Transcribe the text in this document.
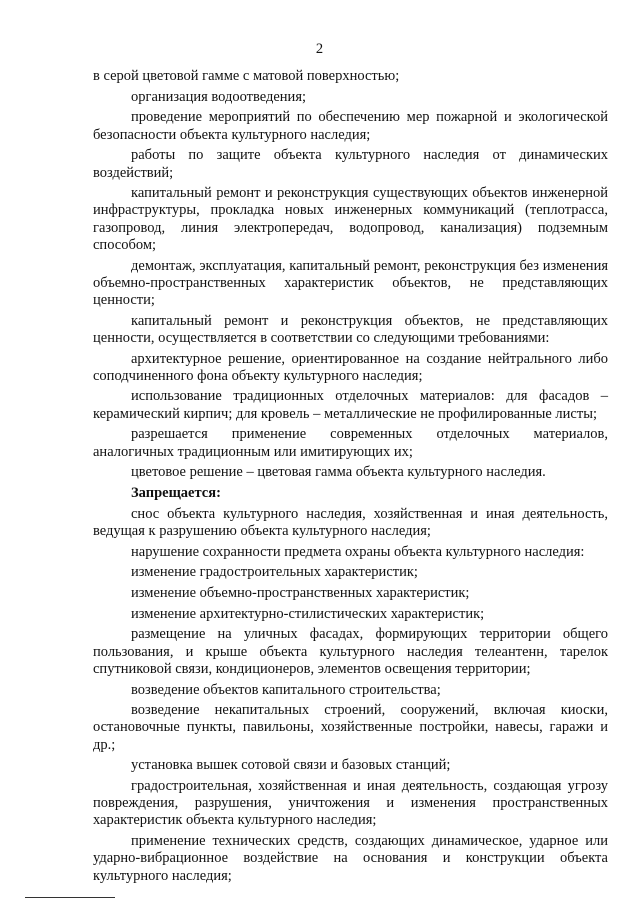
2

в серой цветовой гамме с матовой поверхностью;

организация водоотведения;

проведение мероприятий по обеспечению мер пожарной и экологической безопасности объекта культурного наследия;

работы по защите объекта культурного наследия от динамических воздействий;

капитальный ремонт и реконструкция существующих объектов инженерной инфраструктуры, прокладка новых инженерных коммуникаций (теплотрасса, газопровод, линия электропередач, водопровод, канализация) подземным способом;

демонтаж, эксплуатация, капитальный ремонт, реконструкция без изменения объемно-пространственных характеристик объектов, не представляющих ценности;

капитальный ремонт и реконструкция объектов, не представляющих ценности, осуществляется в соответствии со следующими требованиями:

архитектурное решение, ориентированное на создание нейтрального либо соподчиненного фона объекту культурного наследия;

использование традиционных отделочных материалов: для фасадов – керамический кирпич; для кровель – металлические не профилированные листы;

разрешается применение современных отделочных материалов, аналогичных традиционным или имитирующих их;

цветовое решение – цветовая гамма объекта культурного наследия.

Запрещается:

снос объекта культурного наследия, хозяйственная и иная деятельность, ведущая к разрушению объекта культурного наследия;

нарушение сохранности предмета охраны объекта культурного наследия:

изменение градостроительных характеристик;

изменение объемно-пространственных характеристик;

изменение архитектурно-стилистических характеристик;

размещение на уличных фасадах, формирующих территории общего пользования, и крыше объекта культурного наследия телеантенн, тарелок спутниковой связи, кондиционеров, элементов освещения территории;

возведение объектов капитального строительства;

возведение некапитальных строений, сооружений, включая киоски, остановочные пункты, павильоны, хозяйственные постройки, навесы, гаражи и др.;

установка вышек сотовой связи и базовых станций;

градостроительная, хозяйственная и иная деятельность, создающая угрозу повреждения, разрушения, уничтожения и изменения пространственных характеристик объекта культурного наследия;

применение технических средств, создающих динамическое, ударное или ударно-вибрационное воздействие на основания и конструкции объекта культурного наследия;
